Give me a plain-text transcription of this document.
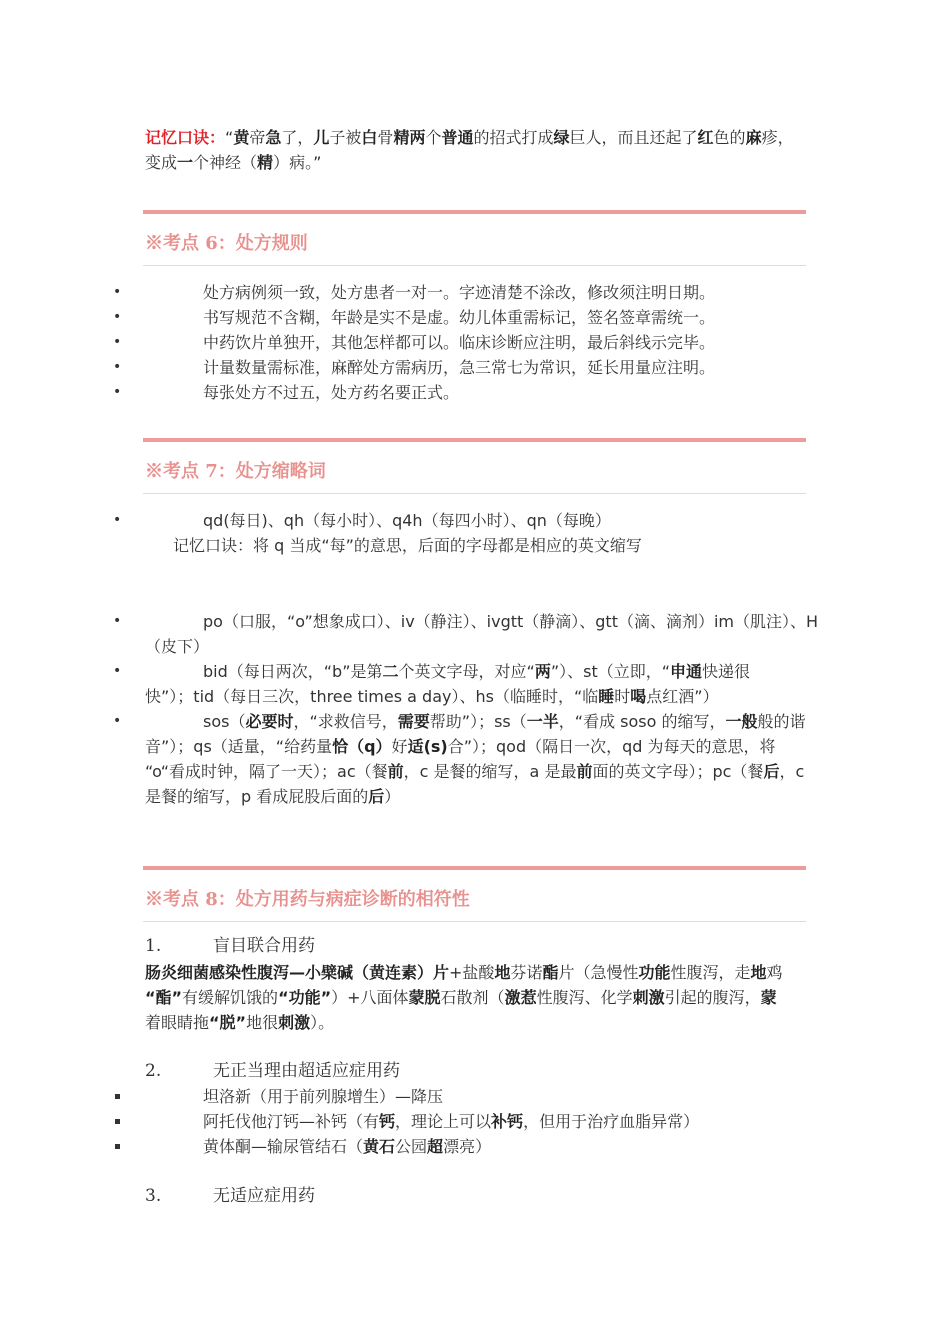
记忆口诀：“黄帝急了，儿子被白骨精两个普通的招式打成绿巨人，而且还起了红色的麻疹，
变成一个神经（精）病。”
※考点 6：处方规则
•	处方病例须一致，处方患者一对一。字迹清楚不涂改，修改须注明日期。
•	书写规范不含糊，年龄是实不是虚。幼儿体重需标记，签名签章需统一。
•	中药饮片单独开，其他怎样都可以。临床诊断应注明，最后斜线示完毕。
•	计量数量需标准，麻醉处方需病历，急三常七为常识，延长用量应注明。
•	每张处方不过五，处方药名要正式。
※考点 7：处方缩略词
•	qd(每日)、qh（每小时）、q4h（每四小时）、qn（每晚）
记忆口诀：将 q 当成“每”的意思，后面的字母都是相应的英文缩写
•	po（口服，“o”想象成口）、iv（静注）、ivgtt（静滴）、gtt（滴、滴剂）im（肌注）、H
（皮下）
•	bid（每日两次，“b”是第二个英文字母，对应“两”）、st（立即，“申通快递很
快”）；tid（每日三次，three times a day）、hs（临睡时，“临睡时喝点红酒”）
•	sos（必要时，“求救信号，需要帮助”）；ss（一半，“看成 soso 的缩写，一般般的谐
音”）；qs（适量，“给药量恰（q）好适(s)合”）；qod（隔日一次，qd 为每天的意思，将
“o“看成时钟，隔了一天）；ac（餐前，c 是餐的缩写，a 是最前面的英文字母）；pc（餐后，c
是餐的缩写，p 看成屁股后面的后）
※考点 8：处方用药与病症诊断的相符性
1.	盲目联合用药
肠炎细菌感染性腹泻—小檗碱（黄连素）片+盐酸地芬诺酯片（急慢性功能性腹泻，走地鸡
“酯”有缓解饥饿的“功能”）+八面体蒙脱石散剂（激惹性腹泻、化学刺激引起的腹泻，蒙
着眼睛拖“脱”地很刺激）。
2.	无正当理由超适应症用药
坦洛新（用于前列腺增生）—降压
阿托伐他汀钙—补钙（有钙，理论上可以补钙，但用于治疗血脂异常）
黄体酮—输尿管结石（黄石公园超漂亮）
3.	无适应症用药
